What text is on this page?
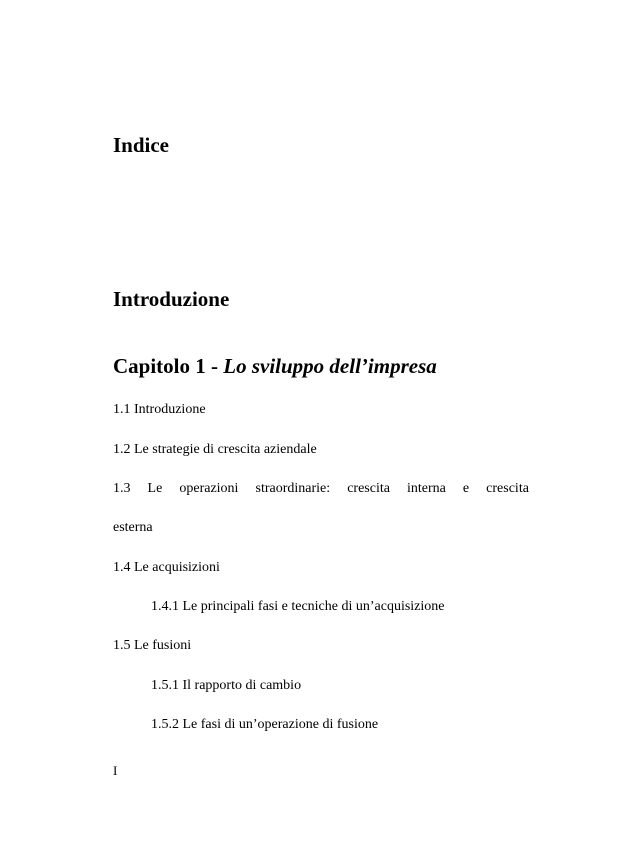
Indice
Introduzione
Capitolo 1 - Lo sviluppo dell’impresa
1.1 Introduzione
1.2 Le strategie di crescita aziendale
1.3 Le operazioni straordinarie: crescita interna e crescita
esterna
1.4 Le acquisizioni
1.4.1 Le principali fasi e tecniche di un’acquisizione
1.5 Le fusioni
1.5.1 Il rapporto di cambio
1.5.2 Le fasi di un’operazione di fusione
I
